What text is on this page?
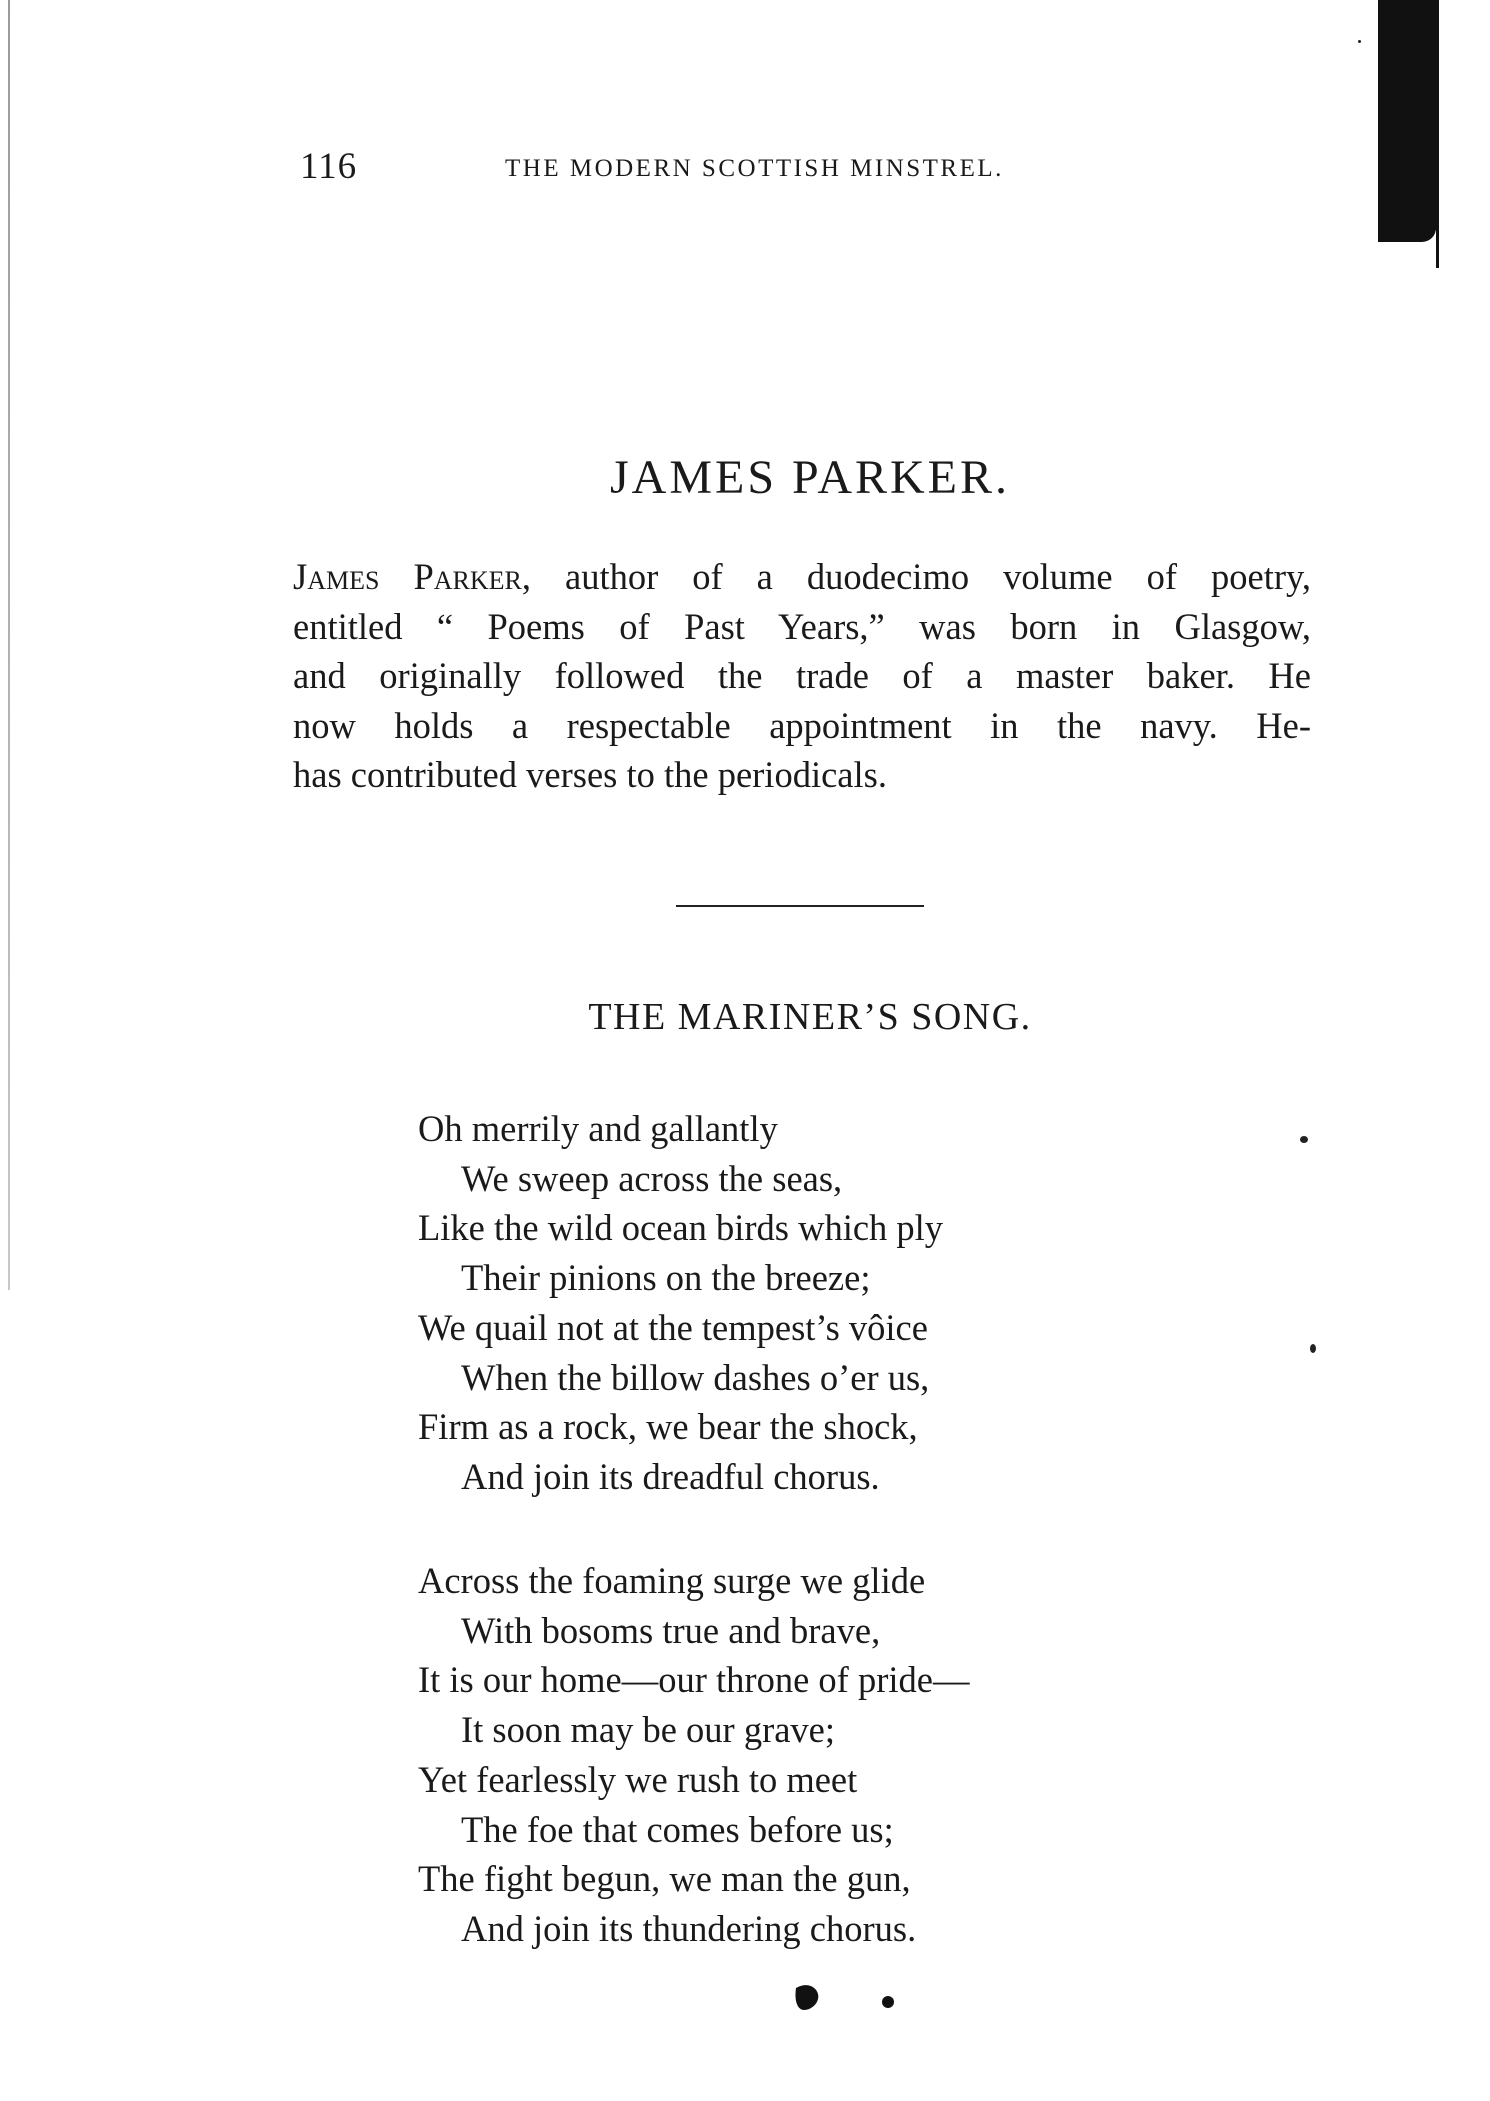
116	THE MODERN SCOTTISH MINSTREL.
JAMES PARKER.

James Parker, author of a duodecimo volume of poetry,
entitled “ Poems of Past Years,” was born in Glasgow,
and originally followed the trade of a master baker. He
now holds a respectable appointment in the navy. He-
has contributed verses to the periodicals.

THE MARINER’S SONG.
Oh merrily and gallantly
We sweep across the seas,
Like the wild ocean birds which ply
Their pinions on the breeze;
We quail not at the tempest’s vôice
When the billow dashes o’er us,
Firm as a rock, we bear the shock,
And join its dreadful chorus.
Across the foaming surge we glide
With bosoms true and brave,
It is our home—our throne of pride—
It soon may be our grave;
Yet fearlessly we rush to meet
The foe that comes before us;
The fight begun, we man the gun,
And join its thundering chorus.
